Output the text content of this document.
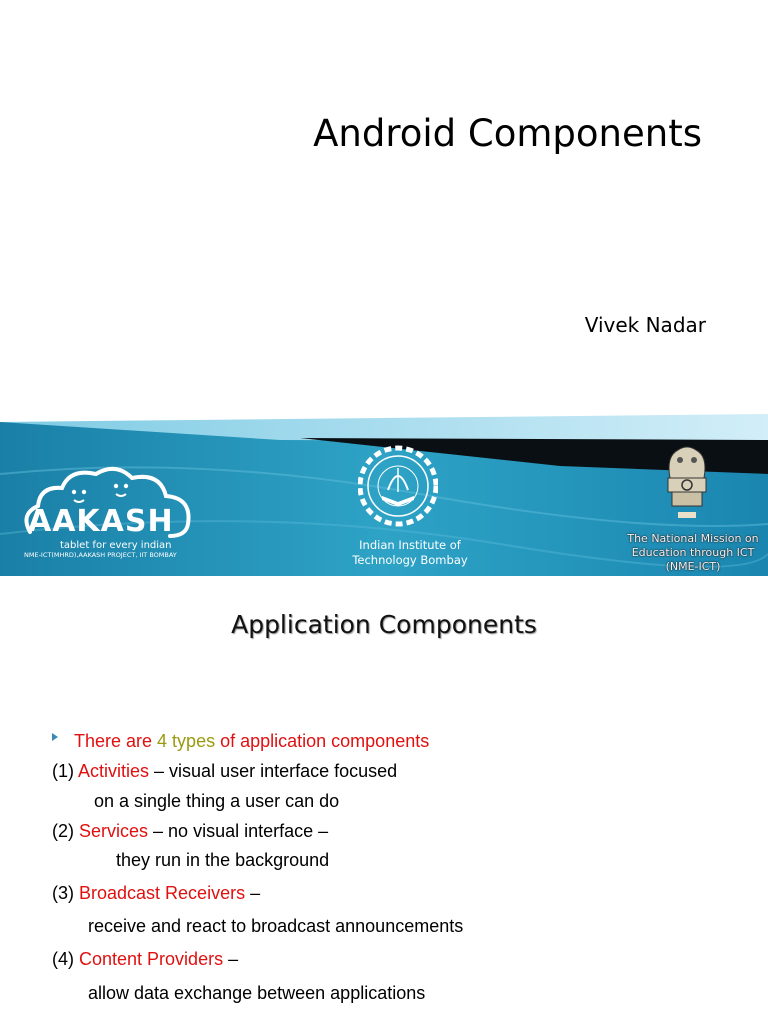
Android Components
Vivek Nadar
AAKASH
tablet for every indian
NME-ICT(MHRD),AAKASH PROJECT, IIT BOMBAY
Indian Institute of
Technology Bombay
The National Mission on
Education through ICT
(NME-ICT)
Application Components
There are 4 types of application components
(1) Activities – visual user interface focused
on a single thing a user can do
(2) Services – no visual interface –
they run in the background
(3) Broadcast Receivers –
receive and react to broadcast announcements
(4) Content Providers –
allow data exchange between applications
